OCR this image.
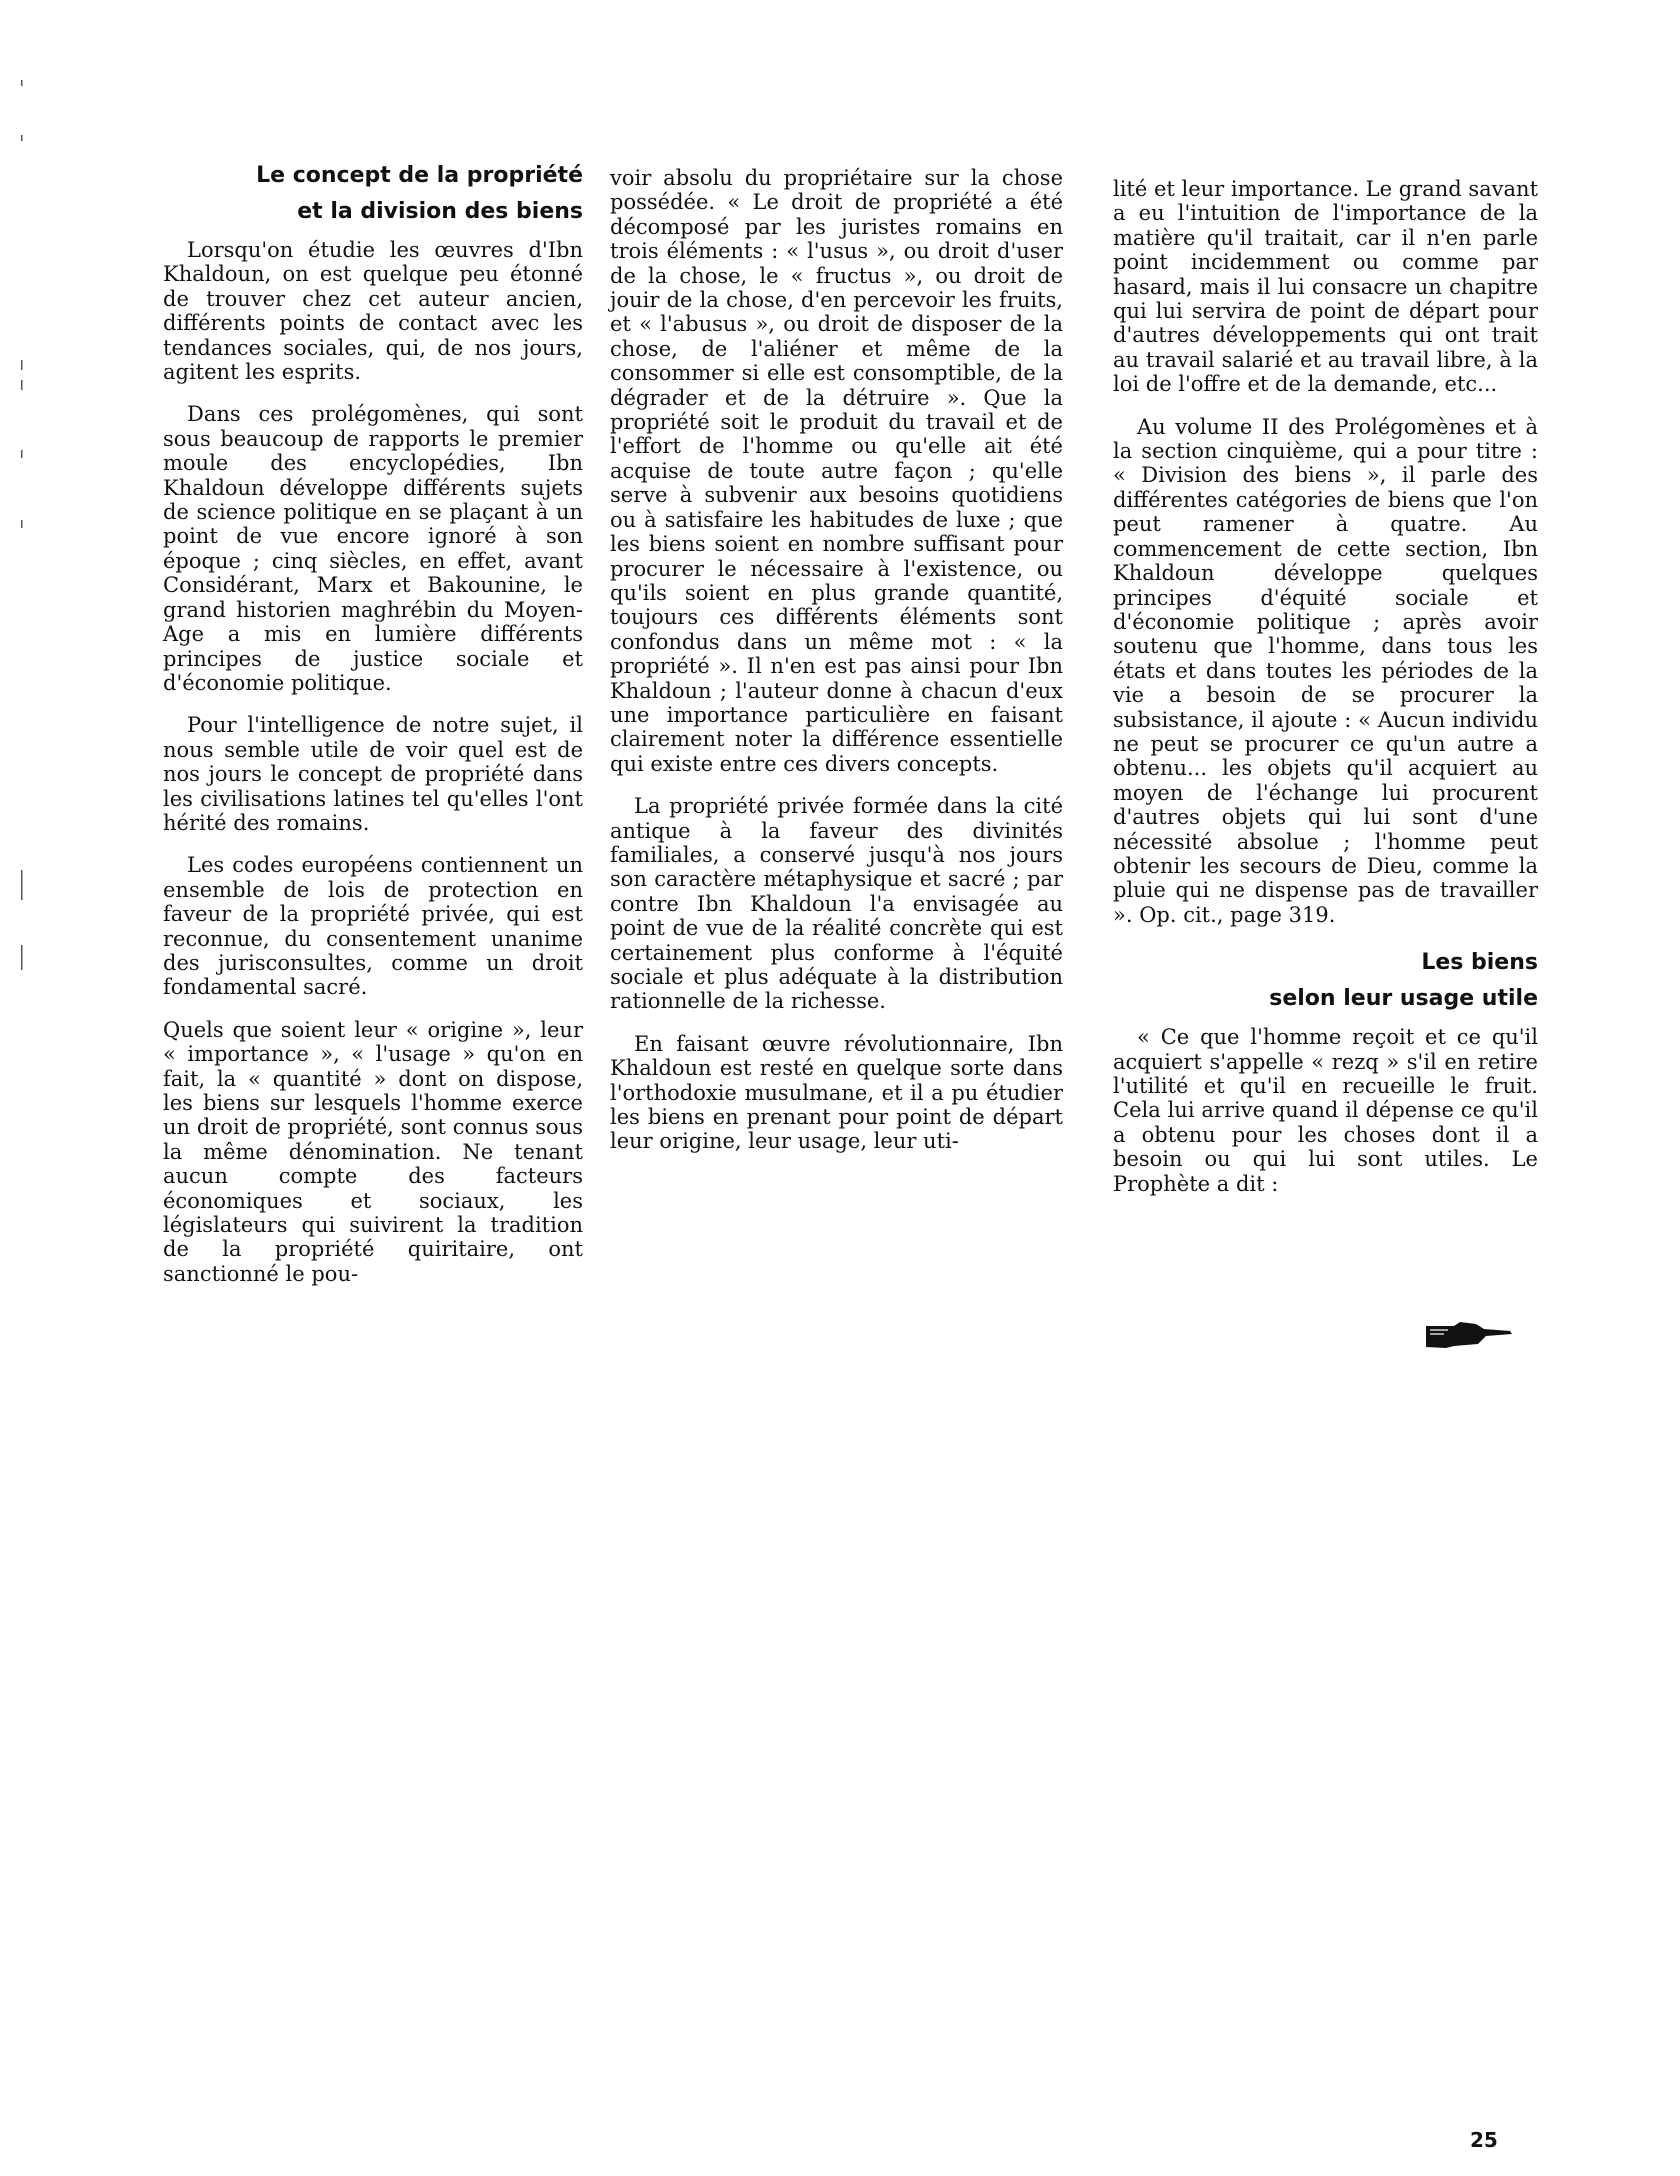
Le concept de la propriété
et la division des biens

Lorsqu'on étudie les œuvres d'Ibn Khaldoun, on est quelque peu étonné de trouver chez cet auteur ancien, différents points de contact avec les tendances sociales, qui, de nos jours, agitent les esprits.

Dans ces prolégomènes, qui sont sous beaucoup de rapports le premier moule des encyclopédies, Ibn Khaldoun développe différents sujets de science politique en se plaçant à un point de vue encore ignoré à son époque ; cinq siècles, en effet, avant Considérant, Marx et Bakounine, le grand historien maghrébin du Moyen-Age a mis en lumière différents principes de justice sociale et d'économie politique.

Pour l'intelligence de notre sujet, il nous semble utile de voir quel est de nos jours le concept de propriété dans les civilisations latines tel qu'elles l'ont hérité des romains.

Les codes européens contiennent un ensemble de lois de protection en faveur de la propriété privée, qui est reconnue, du consentement unanime des jurisconsultes, comme un droit fondamental sacré.

Quels que soient leur « origine », leur « importance », « l'usage » qu'on en fait, la « quantité » dont on dispose, les biens sur lesquels l'homme exerce un droit de propriété, sont connus sous la même dénomination. Ne tenant aucun compte des facteurs économiques et sociaux, les législateurs qui suivirent la tradition de la propriété quiritaire, ont sanctionné le pou-

voir absolu du propriétaire sur la chose possédée. « Le droit de propriété a été décomposé par les juristes romains en trois éléments : « l'usus », ou droit d'user de la chose, le « fructus », ou droit de jouir de la chose, d'en percevoir les fruits, et « l'abusus », ou droit de disposer de la chose, de l'aliéner et même de la consommer si elle est consomptible, de la dégrader et de la détruire ». Que la propriété soit le produit du travail et de l'effort de l'homme ou qu'elle ait été acquise de toute autre façon ; qu'elle serve à subvenir aux besoins quotidiens ou à satisfaire les habitudes de luxe ; que les biens soient en nombre suffisant pour procurer le nécessaire à l'existence, ou qu'ils soient en plus grande quantité, toujours ces différents éléments sont confondus dans un même mot : « la propriété ». Il n'en est pas ainsi pour Ibn Khaldoun ; l'auteur donne à chacun d'eux une importance particulière en faisant clairement noter la différence essentielle qui existe entre ces divers concepts.

La propriété privée formée dans la cité antique à la faveur des divinités familiales, a conservé jusqu'à nos jours son caractère métaphysique et sacré ; par contre Ibn Khaldoun l'a envisagée au point de vue de la réalité concrète qui est certainement plus conforme à l'équité sociale et plus adéquate à la distribution rationnelle de la richesse.

En faisant œuvre révolutionnaire, Ibn Khaldoun est resté en quelque sorte dans l'orthodoxie musulmane, et il a pu étudier les biens en prenant pour point de départ leur origine, leur usage, leur uti-

lité et leur importance. Le grand savant a eu l'intuition de l'importance de la matière qu'il traitait, car il n'en parle point incidemment ou comme par hasard, mais il lui consacre un chapitre qui lui servira de point de départ pour d'autres développements qui ont trait au travail salarié et au travail libre, à la loi de l'offre et de la demande, etc...

Au volume II des Prolégomènes et à la section cinquième, qui a pour titre : « Division des biens », il parle des différentes catégories de biens que l'on peut ramener à quatre. Au commencement de cette section, Ibn Khaldoun développe quelques principes d'équité sociale et d'économie politique ; après avoir soutenu que l'homme, dans tous les états et dans toutes les périodes de la vie a besoin de se procurer la subsistance, il ajoute : « Aucun individu ne peut se procurer ce qu'un autre a obtenu... les objets qu'il acquiert au moyen de l'échange lui procurent d'autres objets qui lui sont d'une nécessité absolue ; l'homme peut obtenir les secours de Dieu, comme la pluie qui ne dispense pas de travailler ». Op. cit., page 319.

Les biens
selon leur usage utile

« Ce que l'homme reçoit et ce qu'il acquiert s'appelle « rezq » s'il en retire l'utilité et qu'il en recueille le fruit. Cela lui arrive quand il dépense ce qu'il a obtenu pour les choses dont il a besoin ou qui lui sont utiles. Le Prophète a dit :

25
